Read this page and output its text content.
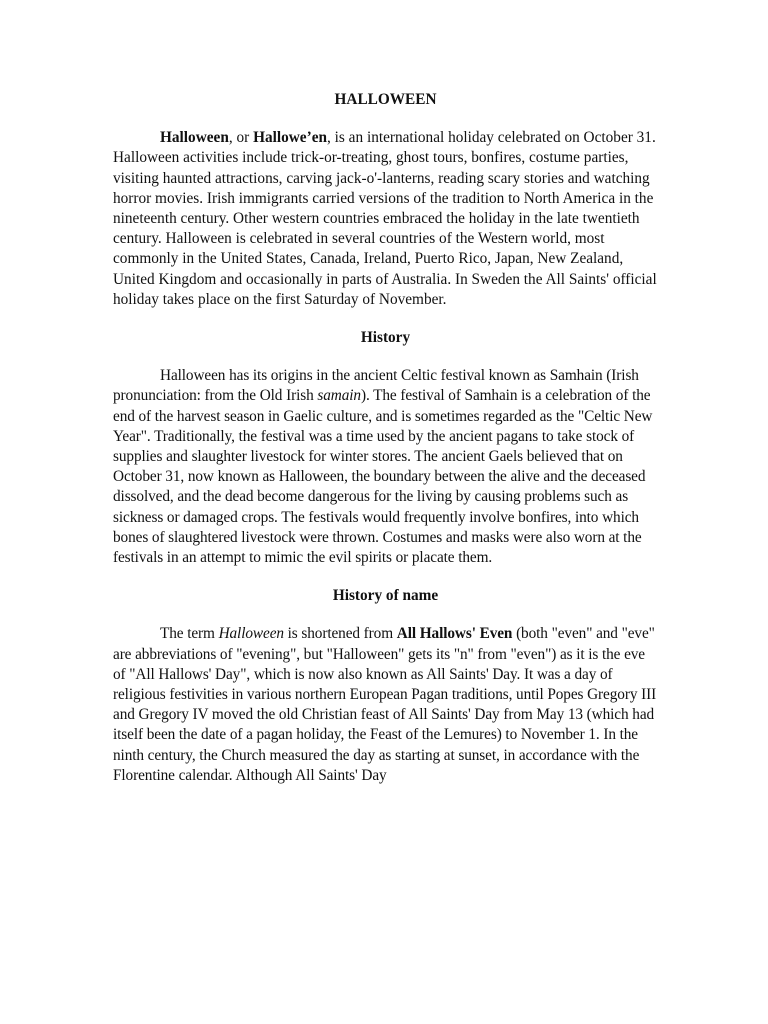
HALLOWEEN

Halloween, or Hallowe’en, is an international holiday celebrated on October 31. Halloween activities include trick-or-treating, ghost tours, bonfires, costume parties, visiting haunted attractions, carving jack-o'-lanterns, reading scary stories and watching horror movies. Irish immigrants carried versions of the tradition to North America in the nineteenth century. Other western countries embraced the holiday in the late twentieth century. Halloween is celebrated in several countries of the Western world, most commonly in the United States, Canada, Ireland, Puerto Rico, Japan, New Zealand, United Kingdom and occasionally in parts of Australia. In Sweden the All Saints' official holiday takes place on the first Saturday of November.

History

Halloween has its origins in the ancient Celtic festival known as Samhain (Irish pronunciation: from the Old Irish samain). The festival of Samhain is a celebration of the end of the harvest season in Gaelic culture, and is sometimes regarded as the "Celtic New Year". Traditionally, the festival was a time used by the ancient pagans to take stock of supplies and slaughter livestock for winter stores. The ancient Gaels believed that on October 31, now known as Halloween, the boundary between the alive and the deceased dissolved, and the dead become dangerous for the living by causing problems such as sickness or damaged crops. The festivals would frequently involve bonfires, into which bones of slaughtered livestock were thrown. Costumes and masks were also worn at the festivals in an attempt to mimic the evil spirits or placate them.

History of name

The term Halloween is shortened from All Hallows' Even (both "even" and "eve" are abbreviations of "evening", but "Halloween" gets its "n" from "even") as it is the eve of "All Hallows' Day", which is now also known as All Saints' Day. It was a day of religious festivities in various northern European Pagan traditions, until Popes Gregory III and Gregory IV moved the old Christian feast of All Saints' Day from May 13 (which had itself been the date of a pagan holiday, the Feast of the Lemures) to November 1. In the ninth century, the Church measured the day as starting at sunset, in accordance with the Florentine calendar. Although All Saints' Day
